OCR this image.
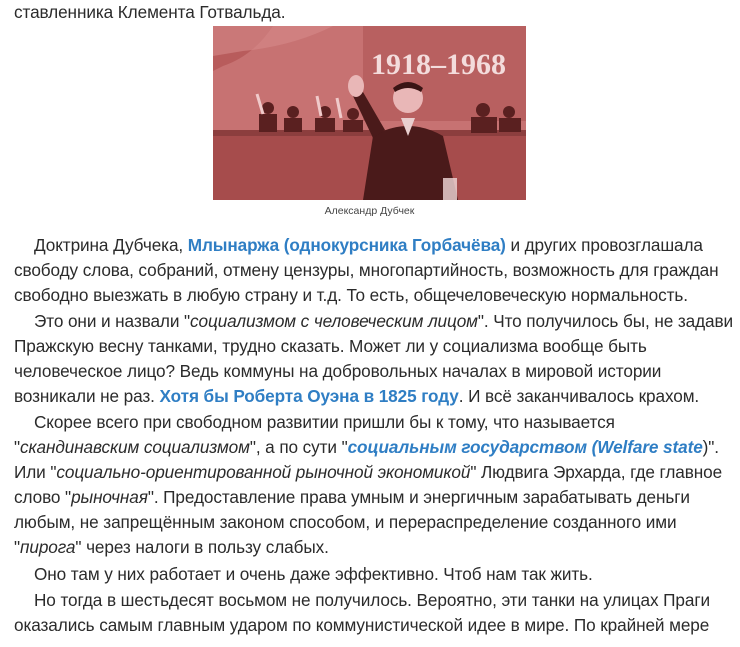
ставленника Клемента Готвальда.
1918–1968
Александр Дубчек
Доктрина Дубчека, Млынаржа (однокурсника Горбачёва) и других провозглашала
свободу слова, собраний, отмену цензуры, многопартийность, возможность для граждан
свободно выезжать в любую страну и т.д. То есть, общечеловеческую нормальность.
Это они и назвали "социализмом с человеческим лицом". Что получилось бы, не задави
Пражскую весну танками, трудно сказать. Может ли у социализма вообще быть
человеческое лицо? Ведь коммуны на добровольных началах в мировой истории
возникали не раз. Хотя бы Роберта Оуэна в 1825 году. И всё заканчивалось крахом.
Скорее всего при свободном развитии пришли бы к тому, что называется
"скандинавским социализмом", а по сути "социальным государством (Welfare state)".
Или "социально-ориентированной рыночной экономикой" Людвига Эрхарда, где главное
слово "рыночная". Предоставление права умным и энергичным зарабатывать деньги
любым, не запрещённым законом способом, и перераспределение созданного ими
"пирога" через налоги в пользу слабых.
Оно там у них работает и очень даже эффективно. Чтоб нам так жить.
Но тогда в шестьдесят восьмом не получилось. Вероятно, эти танки на улицах Праги
оказались самым главным ударом по коммунистической идее в мире. По крайней мере
